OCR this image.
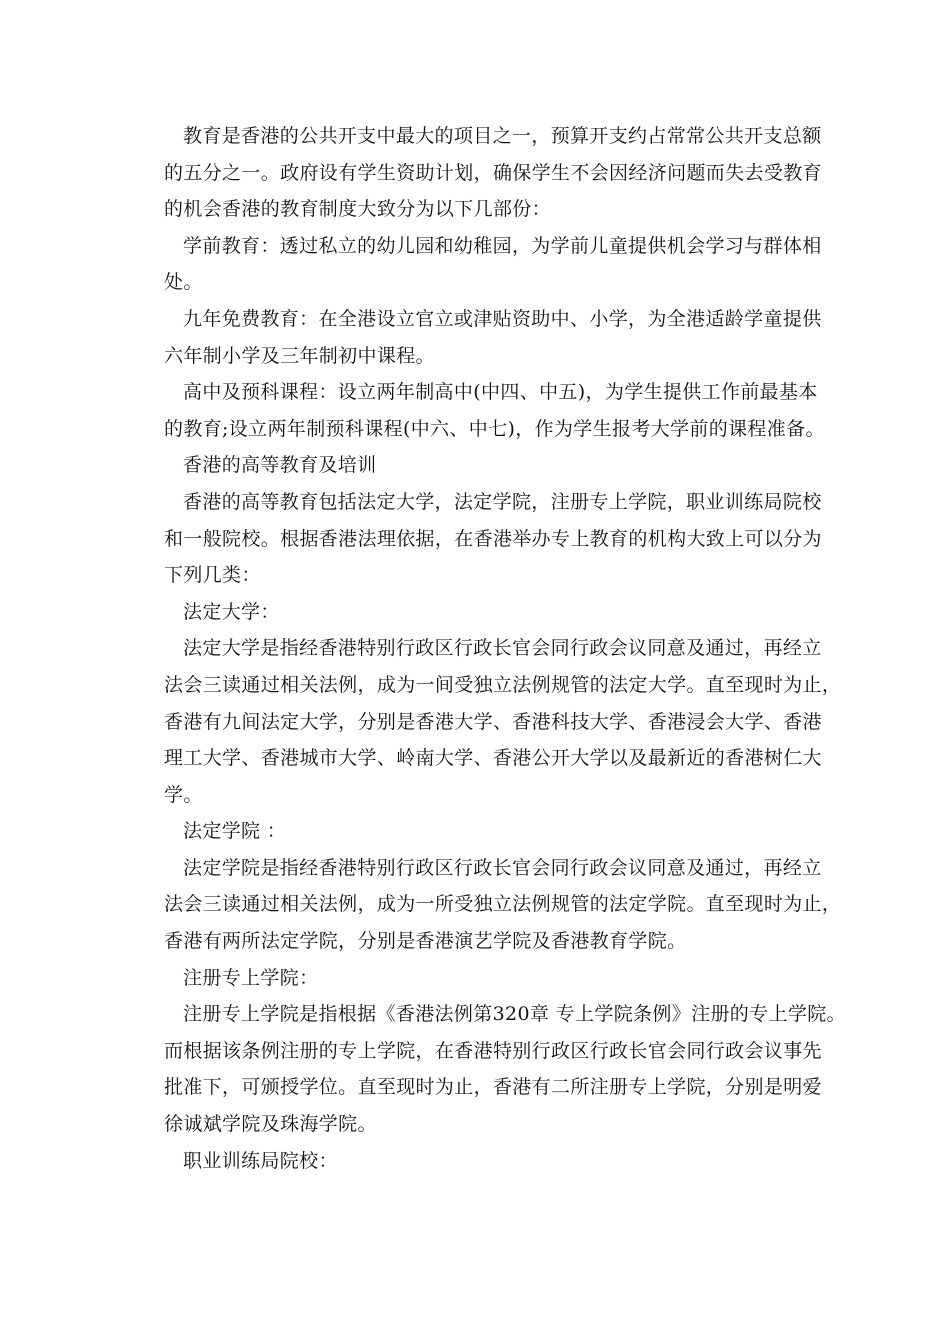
教育是香港的公共开支中最大的项目之一，预算开支约占常常公共开支总额
的五分之一。政府设有学生资助计划，确保学生不会因经济问题而失去受教育
的机会香港的教育制度大致分为以下几部份：

学前教育：透过私立的幼儿园和幼稚园，为学前儿童提供机会学习与群体相
处。

九年免费教育：在全港设立官立或津贴资助中、小学，为全港适龄学童提供
六年制小学及三年制初中课程。

高中及预科课程：设立两年制高中(中四、中五)，为学生提供工作前最基本
的教育;设立两年制预科课程(中六、中七)，作为学生报考大学前的课程准备。

香港的高等教育及培训

香港的高等教育包括法定大学，法定学院，注册专上学院，职业训练局院校
和一般院校。根据香港法理依据，在香港举办专上教育的机构大致上可以分为
下列几类：

法定大学：

法定大学是指经香港特别行政区行政长官会同行政会议同意及通过，再经立
法会三读通过相关法例，成为一间受独立法例规管的法定大学。直至现时为止，
香港有九间法定大学，分别是香港大学、香港科技大学、香港浸会大学、香港
理工大学、香港城市大学、岭南大学、香港公开大学以及最新近的香港树仁大
学。

法定学院 ：

法定学院是指经香港特别行政区行政长官会同行政会议同意及通过，再经立
法会三读通过相关法例，成为一所受独立法例规管的法定学院。直至现时为止，
香港有两所法定学院，分别是香港演艺学院及香港教育学院。

注册专上学院：

注册专上学院是指根据《香港法例第320章 专上学院条例》注册的专上学院。
而根据该条例注册的专上学院，在香港特别行政区行政长官会同行政会议事先
批准下，可颁授学位。直至现时为止，香港有二所注册专上学院，分别是明爱
徐诚斌学院及珠海学院。

职业训练局院校：
